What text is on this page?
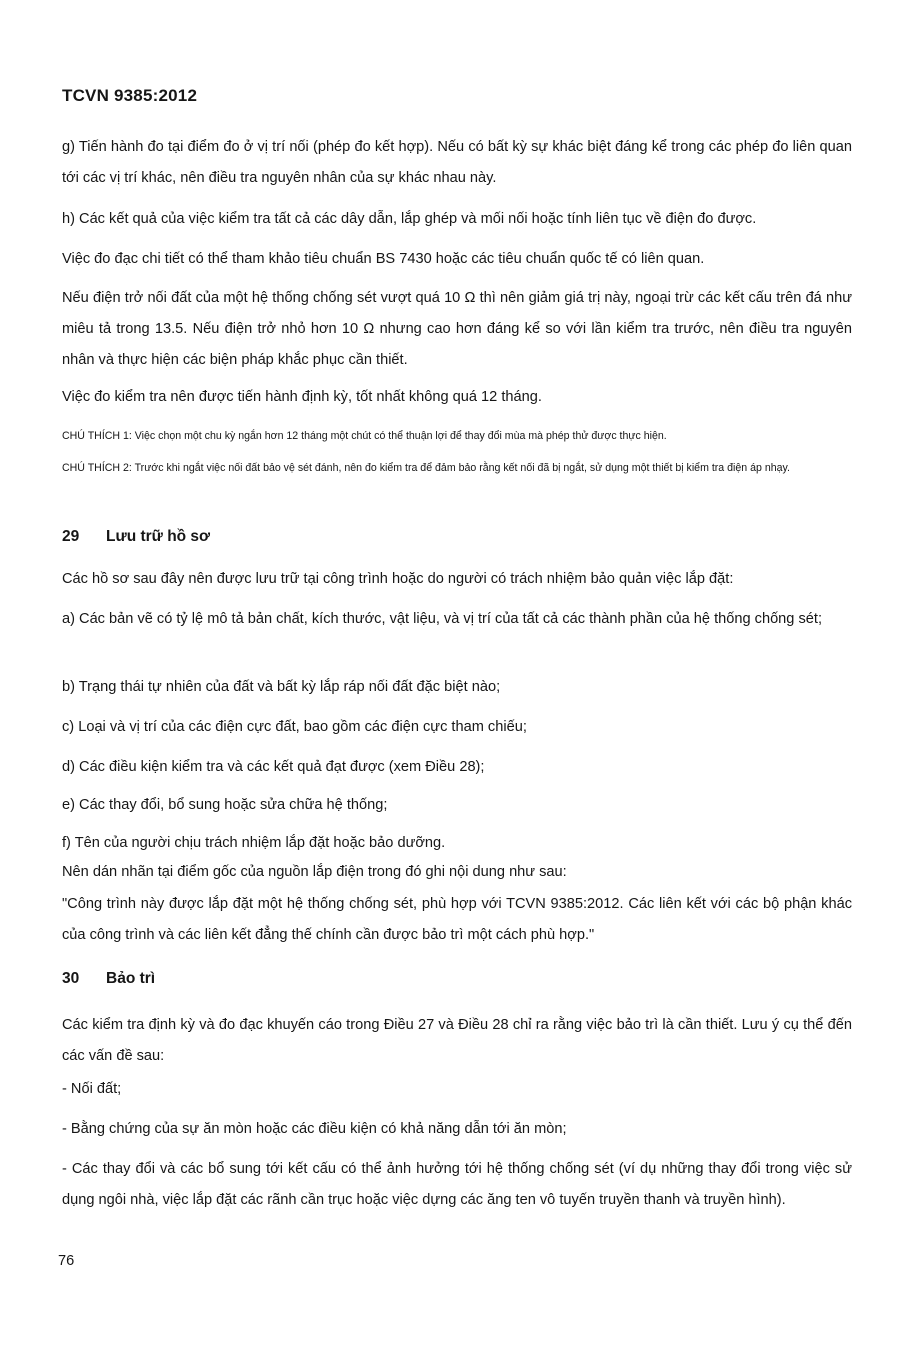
TCVN 9385:2012

g) Tiến hành đo tại điểm đo ở vị trí nối (phép đo kết hợp). Nếu có bất kỳ sự khác biệt đáng kể trong các phép đo liên quan tới các vị trí khác, nên điều tra nguyên nhân của sự khác nhau này.

h) Các kết quả của việc kiểm tra tất cả các dây dẫn, lắp ghép và mối nối hoặc tính liên tục về điện đo được.

Việc đo đạc chi tiết có thể tham khảo tiêu chuẩn BS 7430 hoặc các tiêu chuẩn quốc tế có liên quan.

Nếu điện trở nối đất của một hệ thống chống sét vượt quá 10 Ω thì nên giảm giá trị này, ngoại trừ các kết cấu trên đá như miêu tả trong 13.5. Nếu điện trở nhỏ hơn 10 Ω nhưng cao hơn đáng kể so với lần kiểm tra trước, nên điều tra nguyên nhân và thực hiện các biện pháp khắc phục cần thiết.

Việc đo kiểm tra nên được tiến hành định kỳ, tốt nhất không quá 12 tháng.

CHÚ THÍCH 1: Việc chọn một chu kỳ ngắn hơn 12 tháng một chút có thể thuận lợi để thay đổi mùa mà phép thử được thực hiện.

CHÚ THÍCH 2: Trước khi ngắt việc nối đất bảo vệ sét đánh, nên đo kiểm tra để đảm bảo rằng kết nối đã bị ngắt, sử dụng một thiết bị kiểm tra điện áp nhạy.

29 Lưu trữ hồ sơ

Các hồ sơ sau đây nên được lưu trữ tại công trình hoặc do người có trách nhiệm bảo quản việc lắp đặt:

a) Các bản vẽ có tỷ lệ mô tả bản chất, kích thước, vật liệu, và vị trí của tất cả các thành phần của hệ thống chống sét;

b) Trạng thái tự nhiên của đất và bất kỳ lắp ráp nối đất đặc biệt nào;

c) Loại và vị trí của các điện cực đất, bao gồm các điện cực tham chiếu;

d) Các điều kiện kiểm tra và các kết quả đạt được (xem Điều 28);

e) Các thay đổi, bổ sung hoặc sửa chữa hệ thống;

f) Tên của người chịu trách nhiệm lắp đặt hoặc bảo dưỡng.

Nên dán nhãn tại điểm gốc của nguồn lắp điện trong đó ghi nội dung như sau:

"Công trình này được lắp đặt một hệ thống chống sét, phù hợp với TCVN 9385:2012. Các liên kết với các bộ phận khác của công trình và các liên kết đẳng thế chính cần được bảo trì một cách phù hợp."

30 Bảo trì

Các kiểm tra định kỳ và đo đạc khuyến cáo trong Điều 27 và Điều 28 chỉ ra rằng việc bảo trì là cần thiết. Lưu ý cụ thể đến các vấn đề sau:

- Nối đất;

- Bằng chứng của sự ăn mòn hoặc các điều kiện có khả năng dẫn tới ăn mòn;

- Các thay đổi và các bổ sung tới kết cấu có thể ảnh hưởng tới hệ thống chống sét (ví dụ những thay đổi trong việc sử dụng ngôi nhà, việc lắp đặt các rãnh cần trục hoặc việc dựng các ăng ten vô tuyến truyền thanh và truyền hình).

76
